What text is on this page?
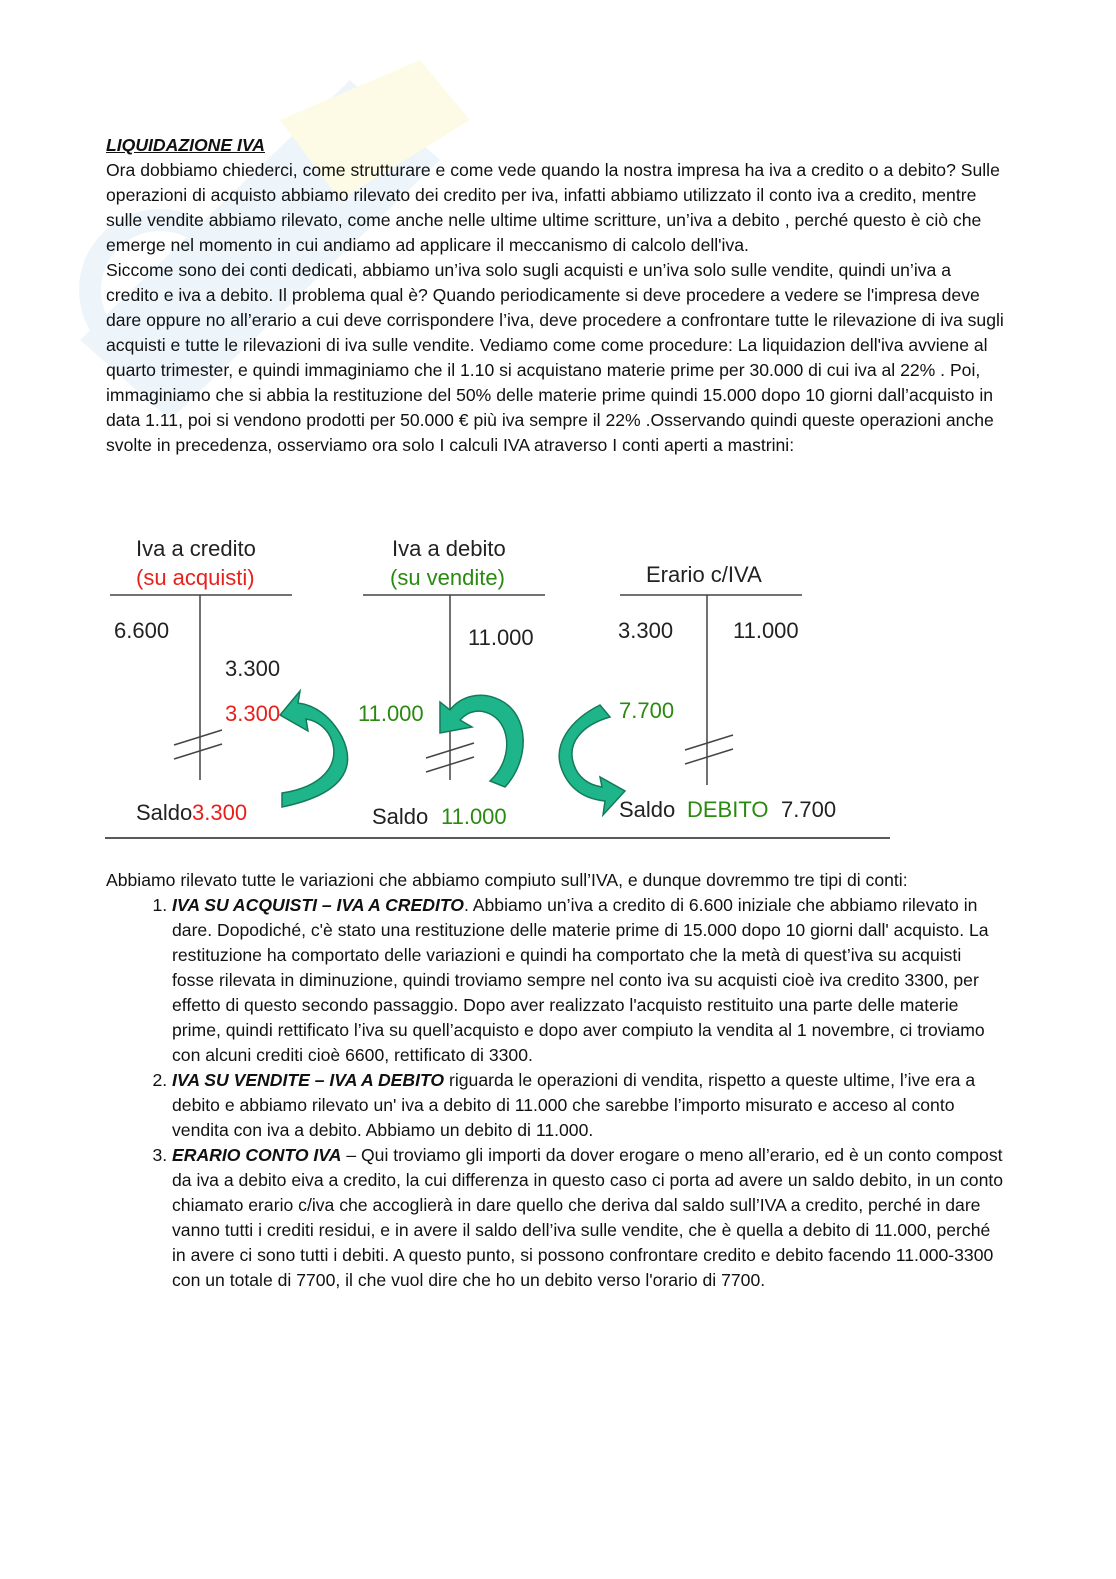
LIQUIDAZIONE IVA

Ora dobbiamo chiederci, come strutturare e come vede quando la nostra impresa ha iva a credito o a debito? Sulle operazioni di acquisto abbiamo rilevato dei credito per iva, infatti abbiamo utilizzato il conto iva a credito, mentre sulle vendite abbiamo rilevato, come anche nelle ultime ultime scritture, un’iva a debito , perché questo è ciò che emerge nel momento in cui andiamo ad applicare il meccanismo di calcolo dell'iva.

Siccome sono dei conti dedicati, abbiamo un’iva solo sugli acquisti e un’iva solo sulle vendite, quindi un’iva a credito e iva a debito. Il problema qual è? Quando periodicamente si deve procedere a vedere se l'impresa deve dare oppure no all’erario a cui deve corrispondere l’iva, deve procedere a confrontare tutte le rilevazione di iva sugli acquisti e tutte le rilevazioni di iva sulle vendite. Vediamo come come procedure: La liquidazion dell'iva avviene al quarto trimester, e quindi immaginiamo che il 1.10 si acquistano materie prime per 30.000 di cui iva al 22% . Poi, immaginiamo che si abbia la restituzione del 50% delle materie prime quindi 15.000 dopo 10 giorni dall’acquisto in data 1.11, poi si vendono prodotti per 50.000 € più iva sempre il 22% .Osservando quindi queste operazioni anche svolte in precedenza, osserviamo ora solo I calculi IVA atraverso I conti aperti a mastrini:

Iva a credito
(su acquisti)
6.600
3.300
3.300
Saldo 3.300
Iva a debito
(su vendite)
11.000
11.000
Saldo 11.000
Erario c/IVA
3.300	11.000
7.700
Saldo DEBITO 7.700

Abbiamo rilevato tutte le variazioni che abbiamo compiuto sull’IVA, e dunque dovremmo tre tipi di conti:

1. IVA SU ACQUISTI – IVA A CREDITO. Abbiamo un’iva a credito di 6.600 iniziale che abbiamo rilevato in dare. Dopodiché, c'è stato una restituzione delle materie prime di 15.000 dopo 10 giorni dall' acquisto. La restituzione ha comportato delle variazioni e quindi ha comportato che la metà di quest’iva su acquisti fosse rilevata in diminuzione, quindi troviamo sempre nel conto iva su acquisti cioè iva credito 3300, per effetto di questo secondo passaggio. Dopo aver realizzato l'acquisto restituito una parte delle materie prime, quindi rettificato l’iva su quell’acquisto e dopo aver compiuto la vendita al 1 novembre, ci troviamo con alcuni crediti cioè 6600, rettificato di 3300.
2. IVA SU VENDITE – IVA A DEBITO riguarda le operazioni di vendita, rispetto a queste ultime, l’ive era a debito e abbiamo rilevato un' iva a debito di 11.000 che sarebbe l’importo misurato e acceso al conto vendita con iva a debito. Abbiamo un debito di 11.000.
3. ERARIO CONTO IVA – Qui troviamo gli importi da dover erogare o meno all’erario, ed è un conto compost da iva a debito eiva a credito, la cui differenza in questo caso ci porta ad avere un saldo debito, in un conto chiamato erario c/iva che accoglierà in dare quello che deriva dal saldo sull’IVA a credito, perché in dare vanno tutti i crediti residui, e in avere il saldo dell’iva sulle vendite, che è quella a debito di 11.000, perché in avere ci sono tutti i debiti. A questo punto, si possono confrontare credito e debito facendo 11.000-3300 con un totale di 7700, il che vuol dire che ho un debito verso l'orario di 7700.
